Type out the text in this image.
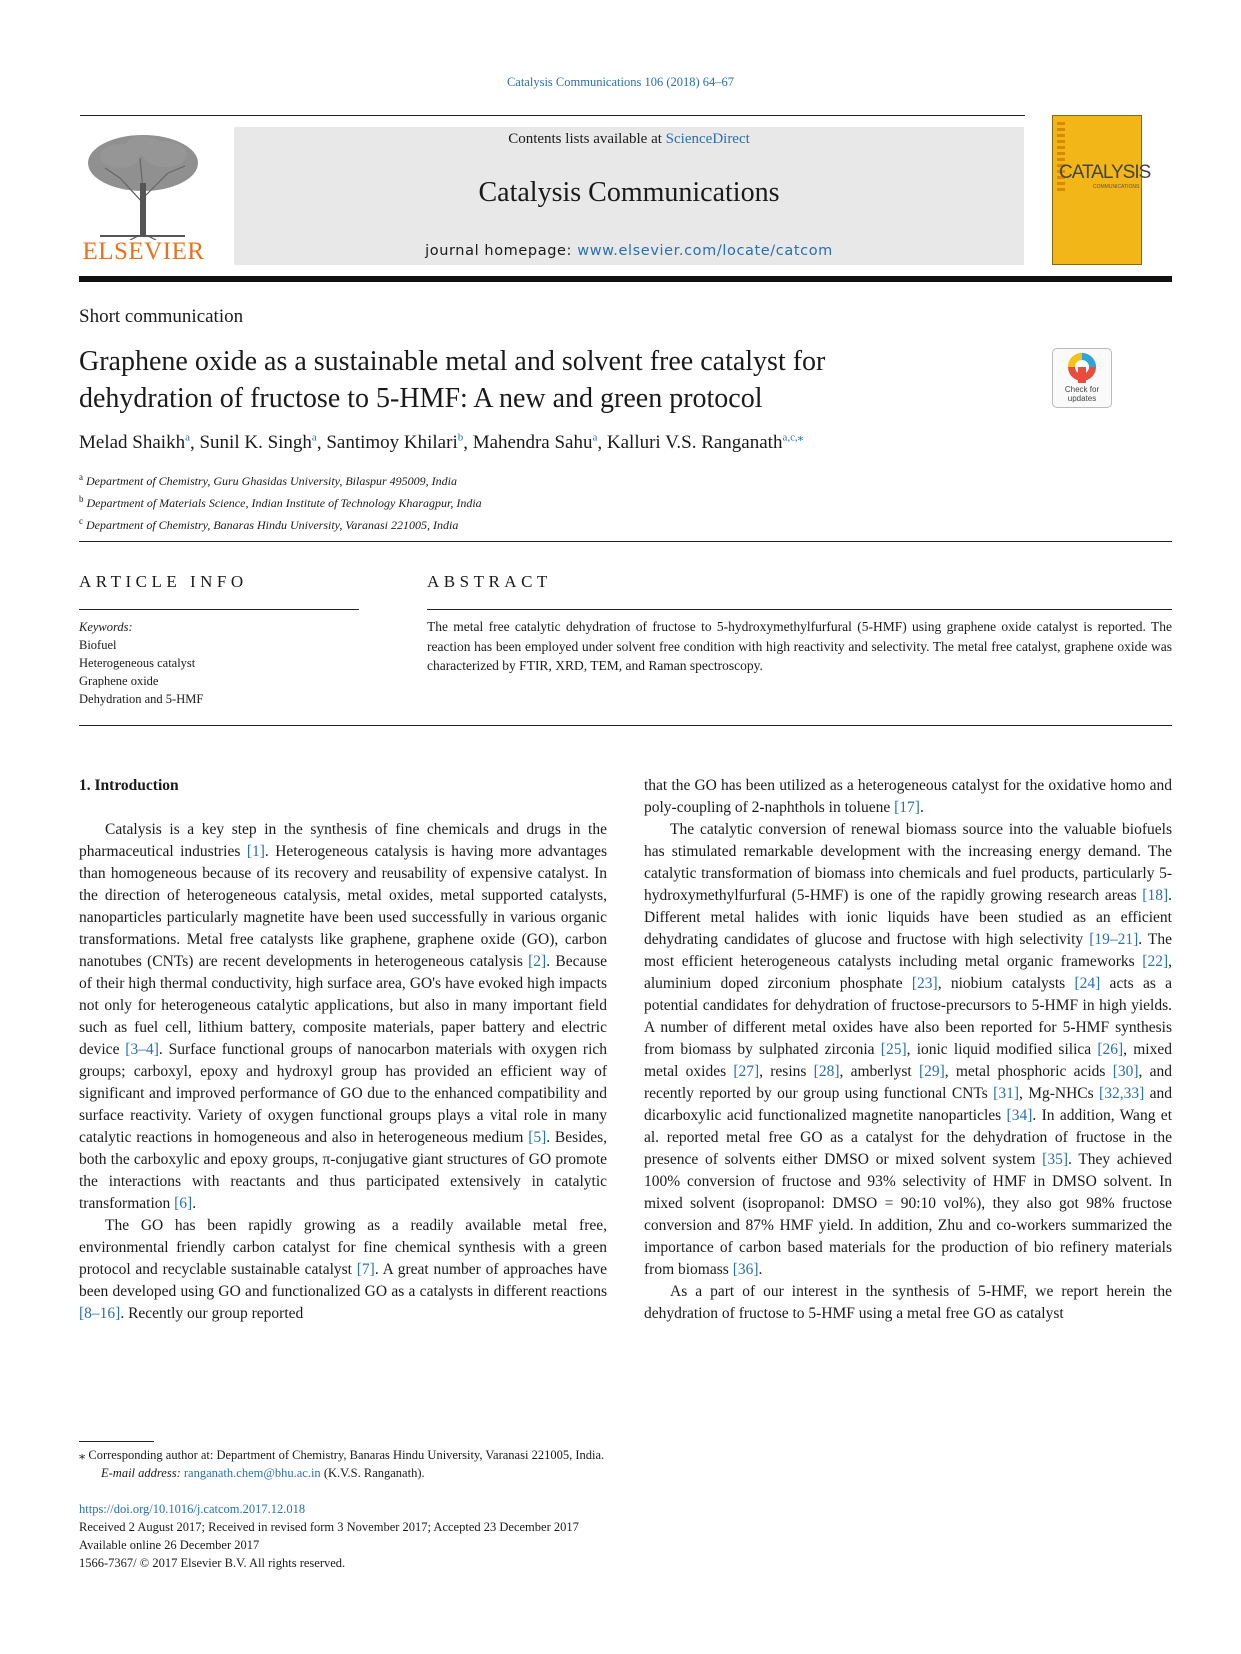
Catalysis Communications 106 (2018) 64–67
ELSEVIER
Contents lists available at ScienceDirect
Catalysis Communications
journal homepage: www.elsevier.com/locate/catcom
CATALYSIS
COMMUNICATIONS
Short communication
Graphene oxide as a sustainable metal and solvent free catalyst for
dehydration of fructose to 5-HMF: A new and green protocol	Check for
updates
Melad Shaikh$^a$, Sunil K. Singh$^a$, Santimoy Khilari$^b$, Mahendra Sahu$^a$, Kalluri V.S. Ranganath$^{a,c,⁎}$
$^a$ Department of Chemistry, Guru Ghasidas University, Bilaspur 495009, India
$^b$ Department of Materials Science, Indian Institute of Technology Kharagpur, India
$^c$ Department of Chemistry, Banaras Hindu University, Varanasi 221005, India
ARTICLE INFO	ABSTRACT
Keywords:
Biofuel
Heterogeneous catalyst
Graphene oxide
Dehydration and 5-HMF
The metal free catalytic dehydration of fructose to 5-hydroxymethylfurfural (5-HMF) using graphene oxide catalyst is reported. The reaction has been employed under solvent free condition with high reactivity and selectivity. The metal free catalyst, graphene oxide was characterized by FTIR, XRD, TEM, and Raman spectroscopy.
1. Introduction

Catalysis is a key step in the synthesis of fine chemicals and drugs in the pharmaceutical industries [1]. Heterogeneous catalysis is having more advantages than homogeneous because of its recovery and reusability of expensive catalyst. In the direction of heterogeneous catalysis, metal oxides, metal supported catalysts, nanoparticles particularly magnetite have been used successfully in various organic transformations. Metal free catalysts like graphene, graphene oxide (GO), carbon nanotubes (CNTs) are recent developments in heterogeneous catalysis [2]. Because of their high thermal conductivity, high surface area, GO's have evoked high impacts not only for heterogeneous catalytic applications, but also in many important field such as fuel cell, lithium battery, composite materials, paper battery and electric device [3–4]. Surface functional groups of nanocarbon materials with oxygen rich groups; carboxyl, epoxy and hydroxyl group has provided an efficient way of significant and improved performance of GO due to the enhanced compatibility and surface reactivity. Variety of oxygen functional groups plays a vital role in many catalytic reactions in homogeneous and also in heterogeneous medium [5]. Besides, both the carboxylic and epoxy groups, π-conjugative giant structures of GO promote the interactions with reactants and thus participated extensively in catalytic transformation [6].

The GO has been rapidly growing as a readily available metal free, environmental friendly carbon catalyst for fine chemical synthesis with a green protocol and recyclable sustainable catalyst [7]. A great number of approaches have been developed using GO and functionalized GO as a catalysts in different reactions [8–16]. Recently our group reported

that the GO has been utilized as a heterogeneous catalyst for the oxidative homo and poly-coupling of 2-naphthols in toluene [17].

The catalytic conversion of renewal biomass source into the valuable biofuels has stimulated remarkable development with the increasing energy demand. The catalytic transformation of biomass into chemicals and fuel products, particularly 5-hydroxymethylfurfural (5-HMF) is one of the rapidly growing research areas [18]. Different metal halides with ionic liquids have been studied as an efficient dehydrating candidates of glucose and fructose with high selectivity [19–21]. The most efficient heterogeneous catalysts including metal organic frameworks [22], aluminium doped zirconium phosphate [23], niobium catalysts [24] acts as a potential candidates for dehydration of fructose-precursors to 5-HMF in high yields. A number of different metal oxides have also been reported for 5-HMF synthesis from biomass by sulphated zirconia [25], ionic liquid modified silica [26], mixed metal oxides [27], resins [28], amberlyst [29], metal phosphoric acids [30], and recently reported by our group using functional CNTs [31], Mg-NHCs [32,33] and dicarboxylic acid functionalized magnetite nanoparticles [34]. In addition, Wang et al. reported metal free GO as a catalyst for the dehydration of fructose in the presence of solvents either DMSO or mixed solvent system [35]. They achieved 100% conversion of fructose and 93% selectivity of HMF in DMSO solvent. In mixed solvent (isopropanol: DMSO = 90:10 vol%), they also got 98% fructose conversion and 87% HMF yield. In addition, Zhu and co-workers summarized the importance of carbon based materials for the production of bio refinery materials from biomass [36].

As a part of our interest in the synthesis of 5-HMF, we report herein the dehydration of fructose to 5-HMF using a metal free GO as catalyst

⁎ Corresponding author at: Department of Chemistry, Banaras Hindu University, Varanasi 221005, India.
E-mail address: ranganath.chem@bhu.ac.in (K.V.S. Ranganath).
https://doi.org/10.1016/j.catcom.2017.12.018
Received 2 August 2017; Received in revised form 3 November 2017; Accepted 23 December 2017
Available online 26 December 2017
1566-7367/ © 2017 Elsevier B.V. All rights reserved.
